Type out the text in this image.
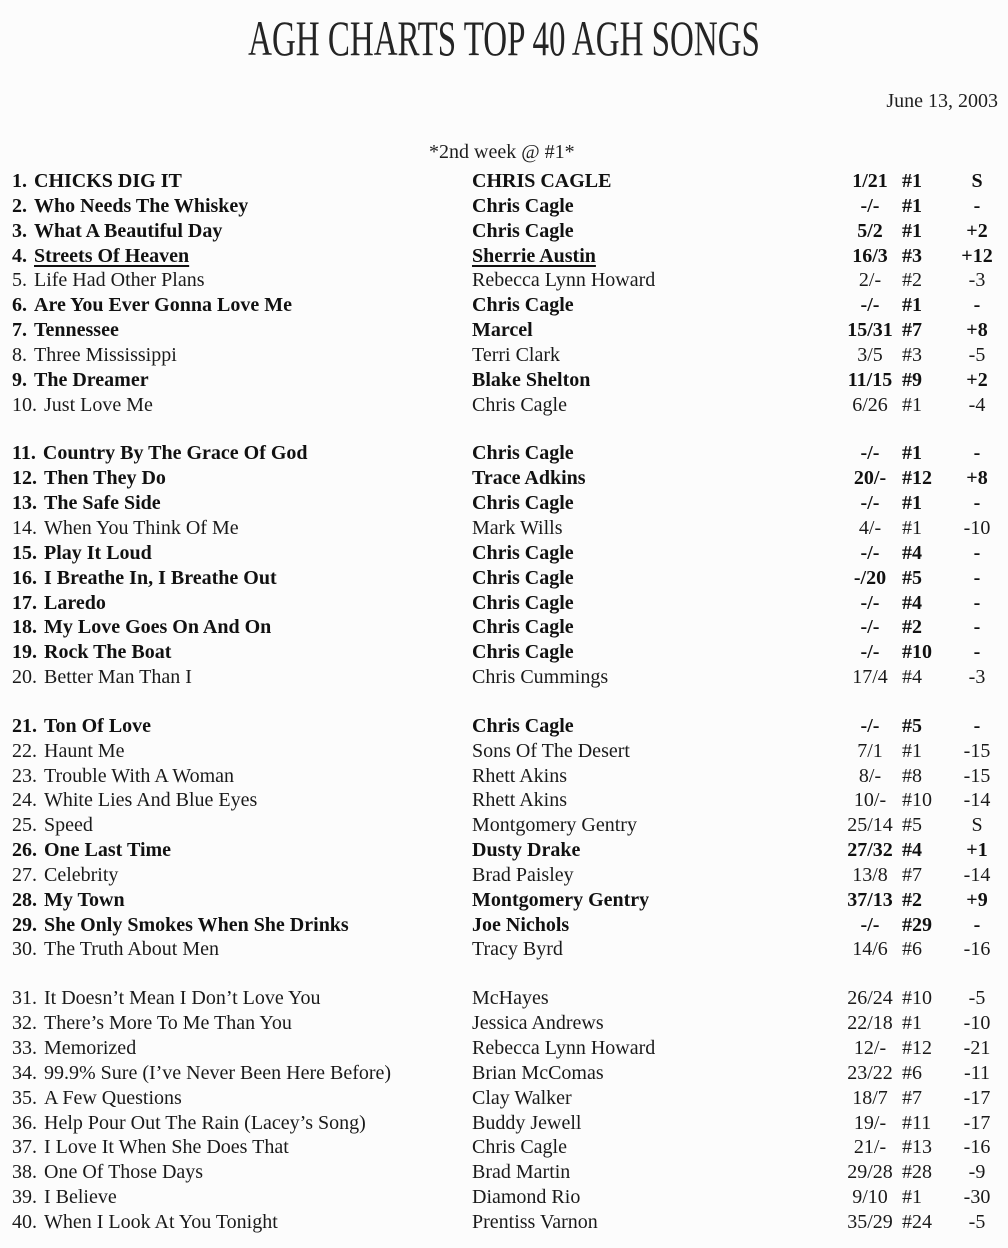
AGH CHARTS TOP 40 AGH SONGS
June 13, 2003
*2nd week @ #1*
1. CHICKS DIG IT	CHRIS CAGLE	1/21 #1	S
2. Who Needs The Whiskey	Chris Cagle	-/-	#1	-
3. What A Beautiful Day	Chris Cagle	5/2 #1	+2
4. Streets Of Heaven	Sherrie Austin	16/3 #3	+12
5. Life Had Other Plans	Rebecca Lynn Howard	2/-	#2	-3
6. Are You Ever Gonna Love Me	Chris Cagle	-/-	#1	-
7. Tennessee	Marcel	15/31 #7	+8
8. Three Mississippi	Terri Clark	3/5 #3	-5
9. The Dreamer	Blake Shelton	11/15 #9	+2
10. Just Love Me	Chris Cagle	6/26 #1	-4
11. Country By The Grace Of God	Chris Cagle	-/-	#1	-
12. Then They Do	Trace Adkins	20/- #12	+8
13. The Safe Side	Chris Cagle	-/-	#1	-
14. When You Think Of Me	Mark Wills	4/-	#1	-10
15. Play It Loud	Chris Cagle	-/-	#4	-
16. I Breathe In, I Breathe Out	Chris Cagle	-/20 #5	-
17. Laredo	Chris Cagle	-/-	#4	-
18. My Love Goes On And On	Chris Cagle	-/-	#2	-
19. Rock The Boat	Chris Cagle	-/-	#10	-
20. Better Man Than I	Chris Cummings	17/4 #4	-3
21. Ton Of Love	Chris Cagle	-/-	#5	-
22. Haunt Me	Sons Of The Desert	7/1 #1	-15
23. Trouble With A Woman	Rhett Akins	8/-	#8	-15
24. White Lies And Blue Eyes	Rhett Akins	10/- #10	-14
25. Speed	Montgomery Gentry	25/14 #5	S
26. One Last Time	Dusty Drake	27/32 #4	+1
27. Celebrity	Brad Paisley	13/8 #7	-14
28. My Town	Montgomery Gentry	37/13 #2	+9
29. She Only Smokes When She Drinks	Joe Nichols	-/-	#29	-
30. The Truth About Men	Tracy Byrd	14/6 #6	-16
31. It Doesn’t Mean I Don’t Love You	McHayes	26/24 #10	-5
32. There’s More To Me Than You	Jessica Andrews	22/18 #1	-10
33. Memorized	Rebecca Lynn Howard	12/- #12	-21
34. 99.9% Sure (I’ve Never Been Here Before)	Brian McComas	23/22 #6	-11
35. A Few Questions	Clay Walker	18/7 #7	-17
36. Help Pour Out The Rain (Lacey’s Song)	Buddy Jewell	19/- #11	-17
37. I Love It When She Does That	Chris Cagle	21/- #13	-16
38. One Of Those Days	Brad Martin	29/28 #28	-9
39. I Believe	Diamond Rio	9/10 #1	-30
40. When I Look At You Tonight	Prentiss Varnon	35/29 #24	-5
